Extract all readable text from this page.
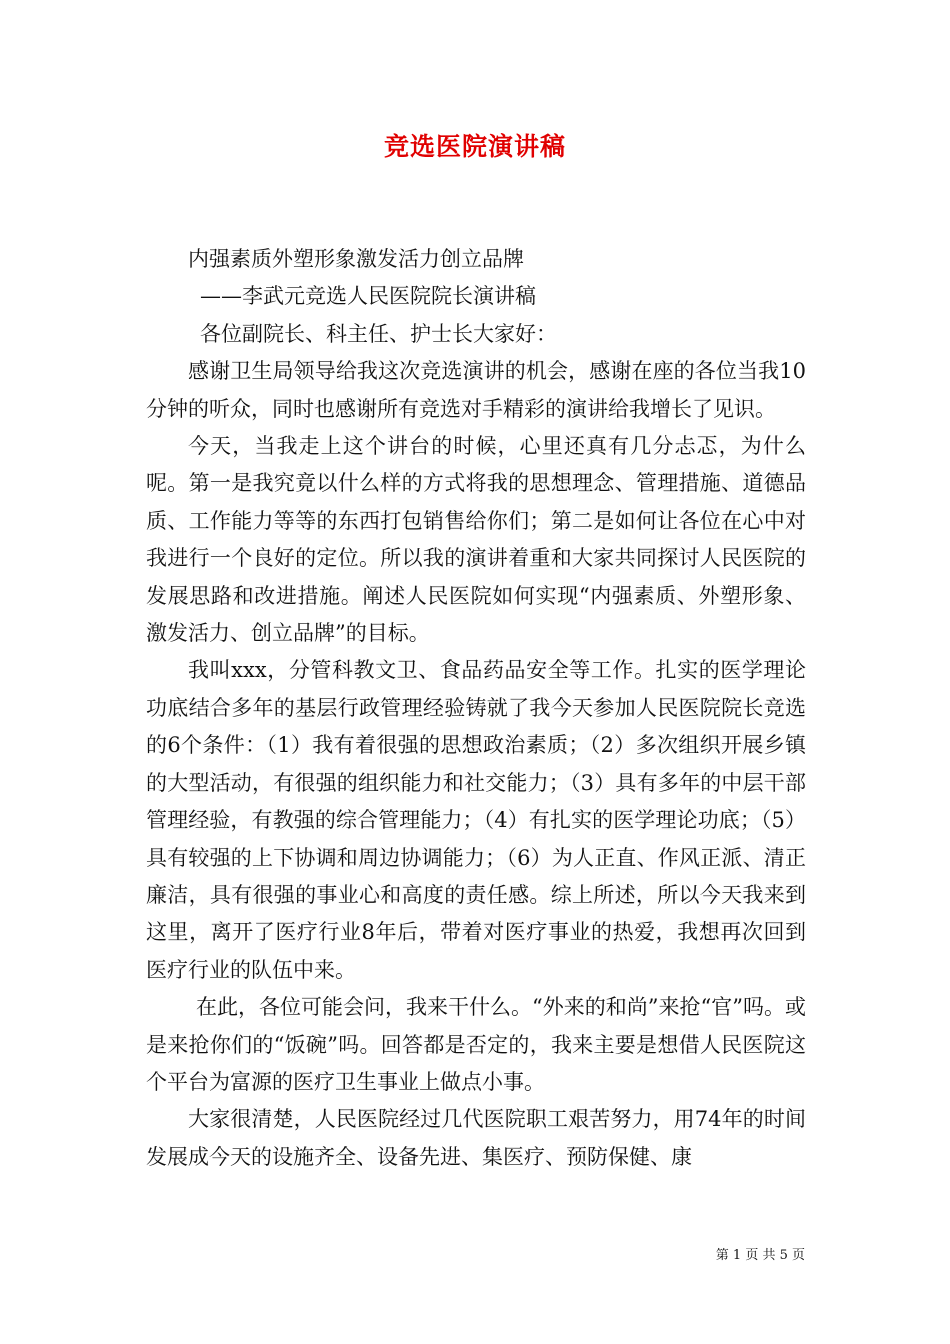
竞选医院演讲稿

内强素质外塑形象激发活力创立品牌

——李武元竞选人民医院院长演讲稿

各位副院长、科主任、护士长大家好：

感谢卫生局领导给我这次竞选演讲的机会，感谢在座的各位当我10分钟的听众，同时也感谢所有竞选对手精彩的演讲给我增长了见识。

今天，当我走上这个讲台的时候，心里还真有几分忐忑，为什么呢。第一是我究竟以什么样的方式将我的思想理念、管理措施、道德品质、工作能力等等的东西打包销售给你们；第二是如何让各位在心中对我进行一个良好的定位。所以我的演讲着重和大家共同探讨人民医院的发展思路和改进措施。阐述人民医院如何实现“内强素质、外塑形象、激发活力、创立品牌”的目标。

我叫xxx，分管科教文卫、食品药品安全等工作。扎实的医学理论功底结合多年的基层行政管理经验铸就了我今天参加人民医院院长竞选的6个条件：（1）我有着很强的思想政治素质；（2）多次组织开展乡镇的大型活动，有很强的组织能力和社交能力；（3）具有多年的中层干部管理经验，有教强的综合管理能力；（4）有扎实的医学理论功底；（5）具有较强的上下协调和周边协调能力；（6）为人正直、作风正派、清正廉洁，具有很强的事业心和高度的责任感。综上所述，所以今天我来到这里，离开了医疗行业8年后，带着对医疗事业的热爱，我想再次回到医疗行业的队伍中来。

在此，各位可能会问，我来干什么。“外来的和尚”来抢“官”吗。或是来抢你们的“饭碗”吗。回答都是否定的，我来主要是想借人民医院这个平台为富源的医疗卫生事业上做点小事。

大家很清楚，人民医院经过几代医院职工艰苦努力，用74年的时间发展成今天的设施齐全、设备先进、集医疗、预防保健、康

第 1 页 共 5 页
